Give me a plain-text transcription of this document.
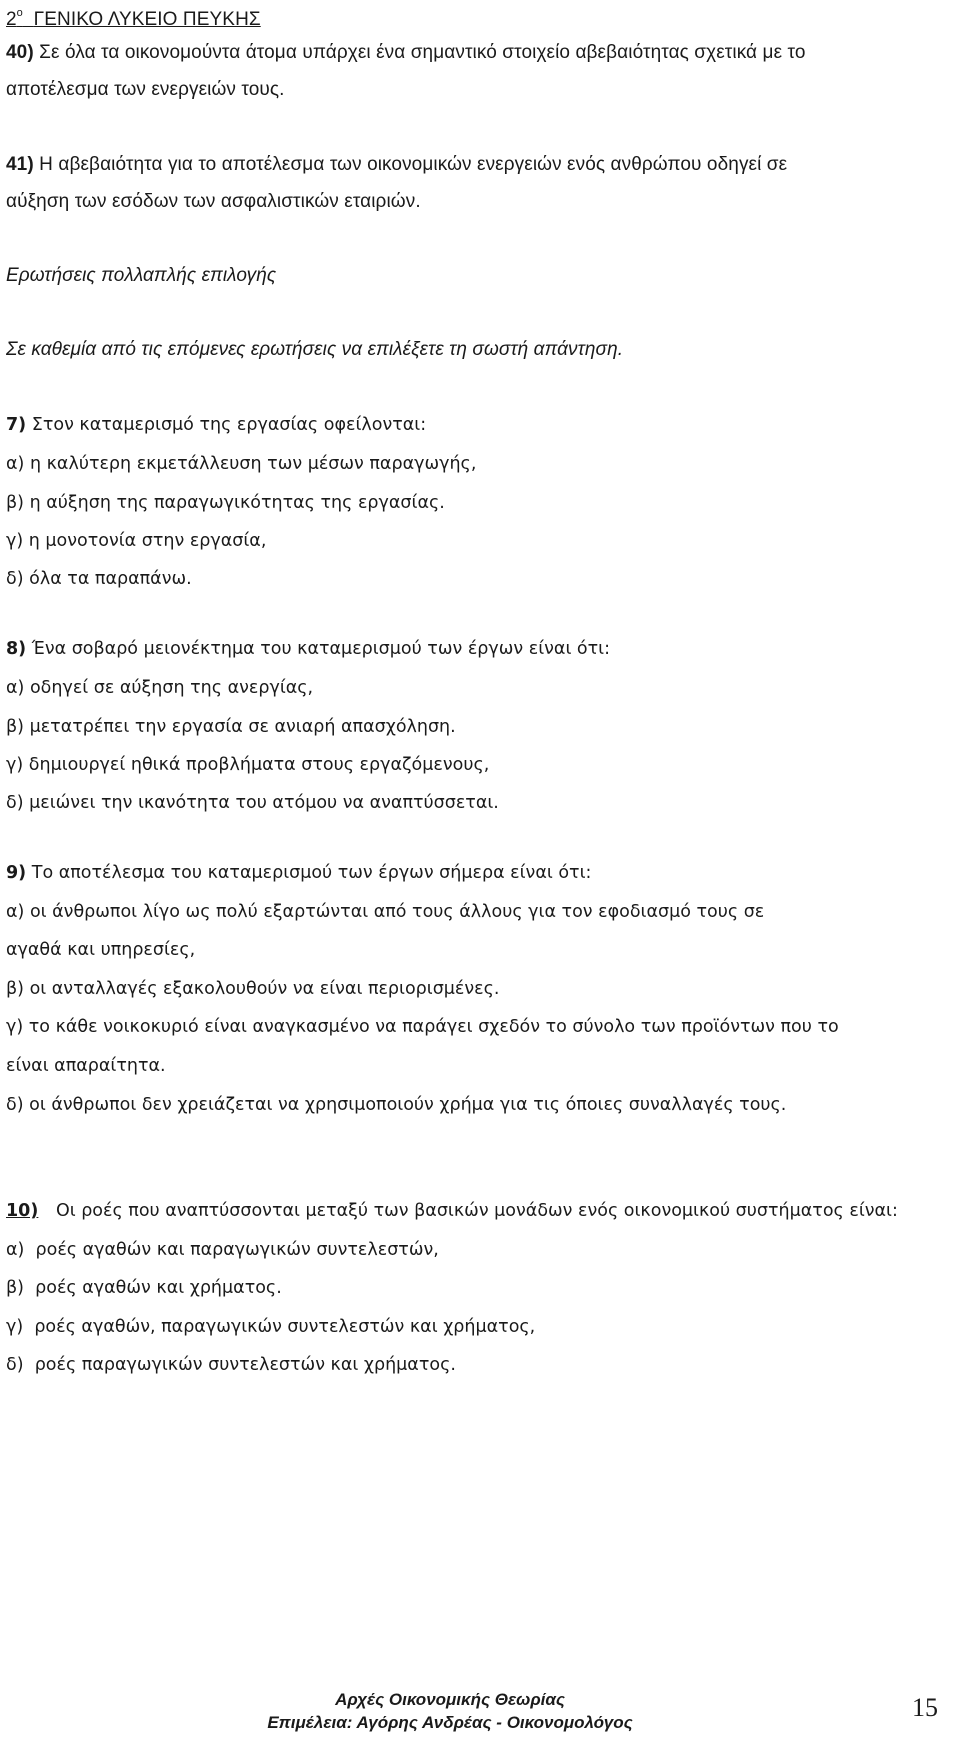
$2^o$ ΓΕΝΙΚΟ ΛΥΚΕΙΟ ΠΕΥΚΗΣ
40) Σε όλα τα οικονομούντα άτομα υπάρχει ένα σημαντικό στοιχείο αβεβαιότητας σχετικά με το
αποτέλεσμα των ενεργειών τους.
41) Η αβεβαιότητα για το αποτέλεσμα των οικονομικών ενεργειών ενός ανθρώπου οδηγεί σε
αύξηση των εσόδων των ασφαλιστικών εταιριών.
Ερωτήσεις πολλαπλής επιλογής
Σε καθεμία από τις επόμενες ερωτήσεις να επιλέξετε τη σωστή απάντηση.
7) Στον καταμερισμό της εργασίας οφείλονται:
α) η καλύτερη εκμετάλλευση των μέσων παραγωγής,
β) η αύξηση της παραγωγικότητας της εργασίας.
γ) η μονοτονία στην εργασία,
δ) όλα τα παραπάνω.
8) Ένα σοβαρό μειονέκτημα του καταμερισμού των έργων είναι ότι:
α) οδηγεί σε αύξηση της ανεργίας,
β) μετατρέπει την εργασία σε ανιαρή απασχόληση.
γ) δημιουργεί ηθικά προβλήματα στους εργαζόμενους,
δ) μειώνει την ικανότητα του ατόμου να αναπτύσσεται.
9) Το αποτέλεσμα του καταμερισμού των έργων σήμερα είναι ότι:
α) οι άνθρωποι λίγο ως πολύ εξαρτώνται από τους άλλους για τον εφοδιασμό τους σε
αγαθά και υπηρεσίες,
β) οι ανταλλαγές εξακολουθούν να είναι περιορισμένες.
γ) το κάθε νοικοκυριό είναι αναγκασμένο να παράγει σχεδόν το σύνολο των προϊόντων που το
είναι απαραίτητα.
δ) οι άνθρωποι δεν χρειάζεται να χρησιμοποιούν χρήμα για τις όποιες συναλλαγές τους.
10) Οι ροές που αναπτύσσονται μεταξύ των βασικών μονάδων ενός οικονομικού συστήματος είναι:
α) ροές αγαθών και παραγωγικών συντελεστών,
β) ροές αγαθών και χρήματος.
γ) ροές αγαθών, παραγωγικών συντελεστών και χρήματος,
δ) ροές παραγωγικών συντελεστών και χρήματος.
Αρχές Οικονομικής Θεωρίας
Επιμέλεια: Αγόρης Ανδρέας - Οικονομολόγος
15
